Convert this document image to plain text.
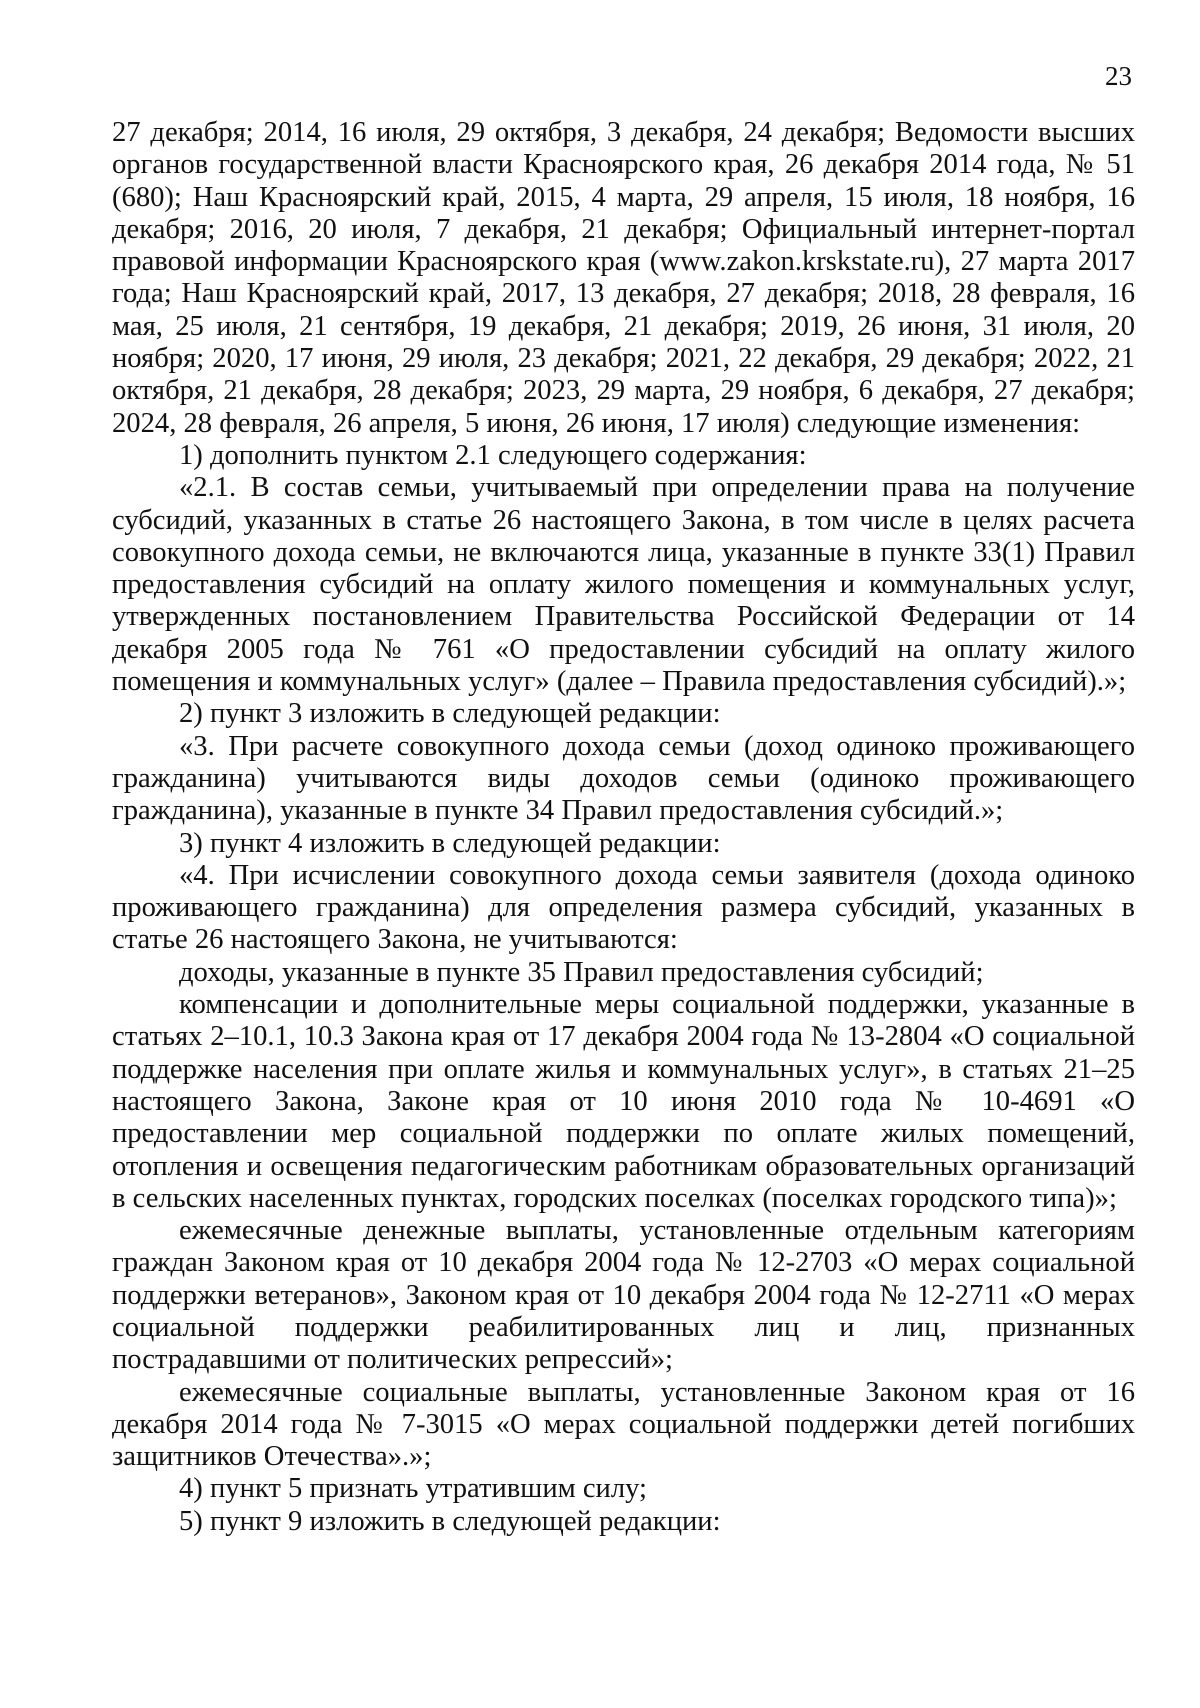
23

27 декабря; 2014, 16 июля, 29 октября, 3 декабря, 24 декабря; Ведомости высших органов государственной власти Красноярского края, 26 декабря 2014 года, № 51 (680); Наш Красноярский край, 2015, 4 марта, 29 апреля, 15 июля, 18 ноября, 16 декабря; 2016, 20 июля, 7 декабря, 21 декабря; Официальный интернет-портал правовой информации Красноярского края (www.zakon.krskstate.ru), 27 марта 2017 года; Наш Красноярский край, 2017, 13 декабря, 27 декабря; 2018, 28 февраля, 16 мая, 25 июля, 21 сентября, 19 декабря, 21 декабря; 2019, 26 июня, 31 июля, 20 ноября; 2020, 17 июня, 29 июля, 23 декабря; 2021, 22 декабря, 29 декабря; 2022, 21 октября, 21 декабря, 28 декабря; 2023, 29 марта, 29 ноября, 6 декабря, 27 декабря; 2024, 28 февраля, 26 апреля, 5 июня, 26 июня, 17 июля) следующие изменения:

1) дополнить пунктом 2.1 следующего содержания:

«2.1. В состав семьи, учитываемый при определении права на получение субсидий, указанных в статье 26 настоящего Закона, в том числе в целях расчета совокупного дохода семьи, не включаются лица, указанные в пункте 33(1) Правил предоставления субсидий на оплату жилого помещения и коммунальных услуг, утвержденных постановлением Правительства Российской Федерации от 14 декабря 2005 года № 761 «О предоставлении субсидий на оплату жилого помещения и коммунальных услуг» (далее – Правила предоставления субсидий).»;

2) пункт 3 изложить в следующей редакции:

«3. При расчете совокупного дохода семьи (доход одиноко проживающего гражданина) учитываются виды доходов семьи (одиноко проживающего гражданина), указанные в пункте 34 Правил предоставления субсидий.»;

3) пункт 4 изложить в следующей редакции:

«4. При исчислении совокупного дохода семьи заявителя (дохода одиноко проживающего гражданина) для определения размера субсидий, указанных в статье 26 настоящего Закона, не учитываются:

доходы, указанные в пункте 35 Правил предоставления субсидий;

компенсации и дополнительные меры социальной поддержки, указанные в статьях 2–10.1, 10.3 Закона края от 17 декабря 2004 года № 13-2804 «О социальной поддержке населения при оплате жилья и коммунальных услуг», в статьях 21–25 настоящего Закона, Законе края от 10 июня 2010 года № 10-4691 «О предоставлении мер социальной поддержки по оплате жилых помещений, отопления и освещения педагогическим работникам образовательных организаций в сельских населенных пунктах, городских поселках (поселках городского типа)»;

ежемесячные денежные выплаты, установленные отдельным категориям граждан Законом края от 10 декабря 2004 года № 12-2703 «О мерах социальной поддержки ветеранов», Законом края от 10 декабря 2004 года № 12-2711 «О мерах социальной поддержки реабилитированных лиц и лиц, признанных пострадавшими от политических репрессий»;

ежемесячные социальные выплаты, установленные Законом края от 16 декабря 2014 года № 7-3015 «О мерах социальной поддержки детей погибших защитников Отечества».»;

4) пункт 5 признать утратившим силу;

5) пункт 9 изложить в следующей редакции:
